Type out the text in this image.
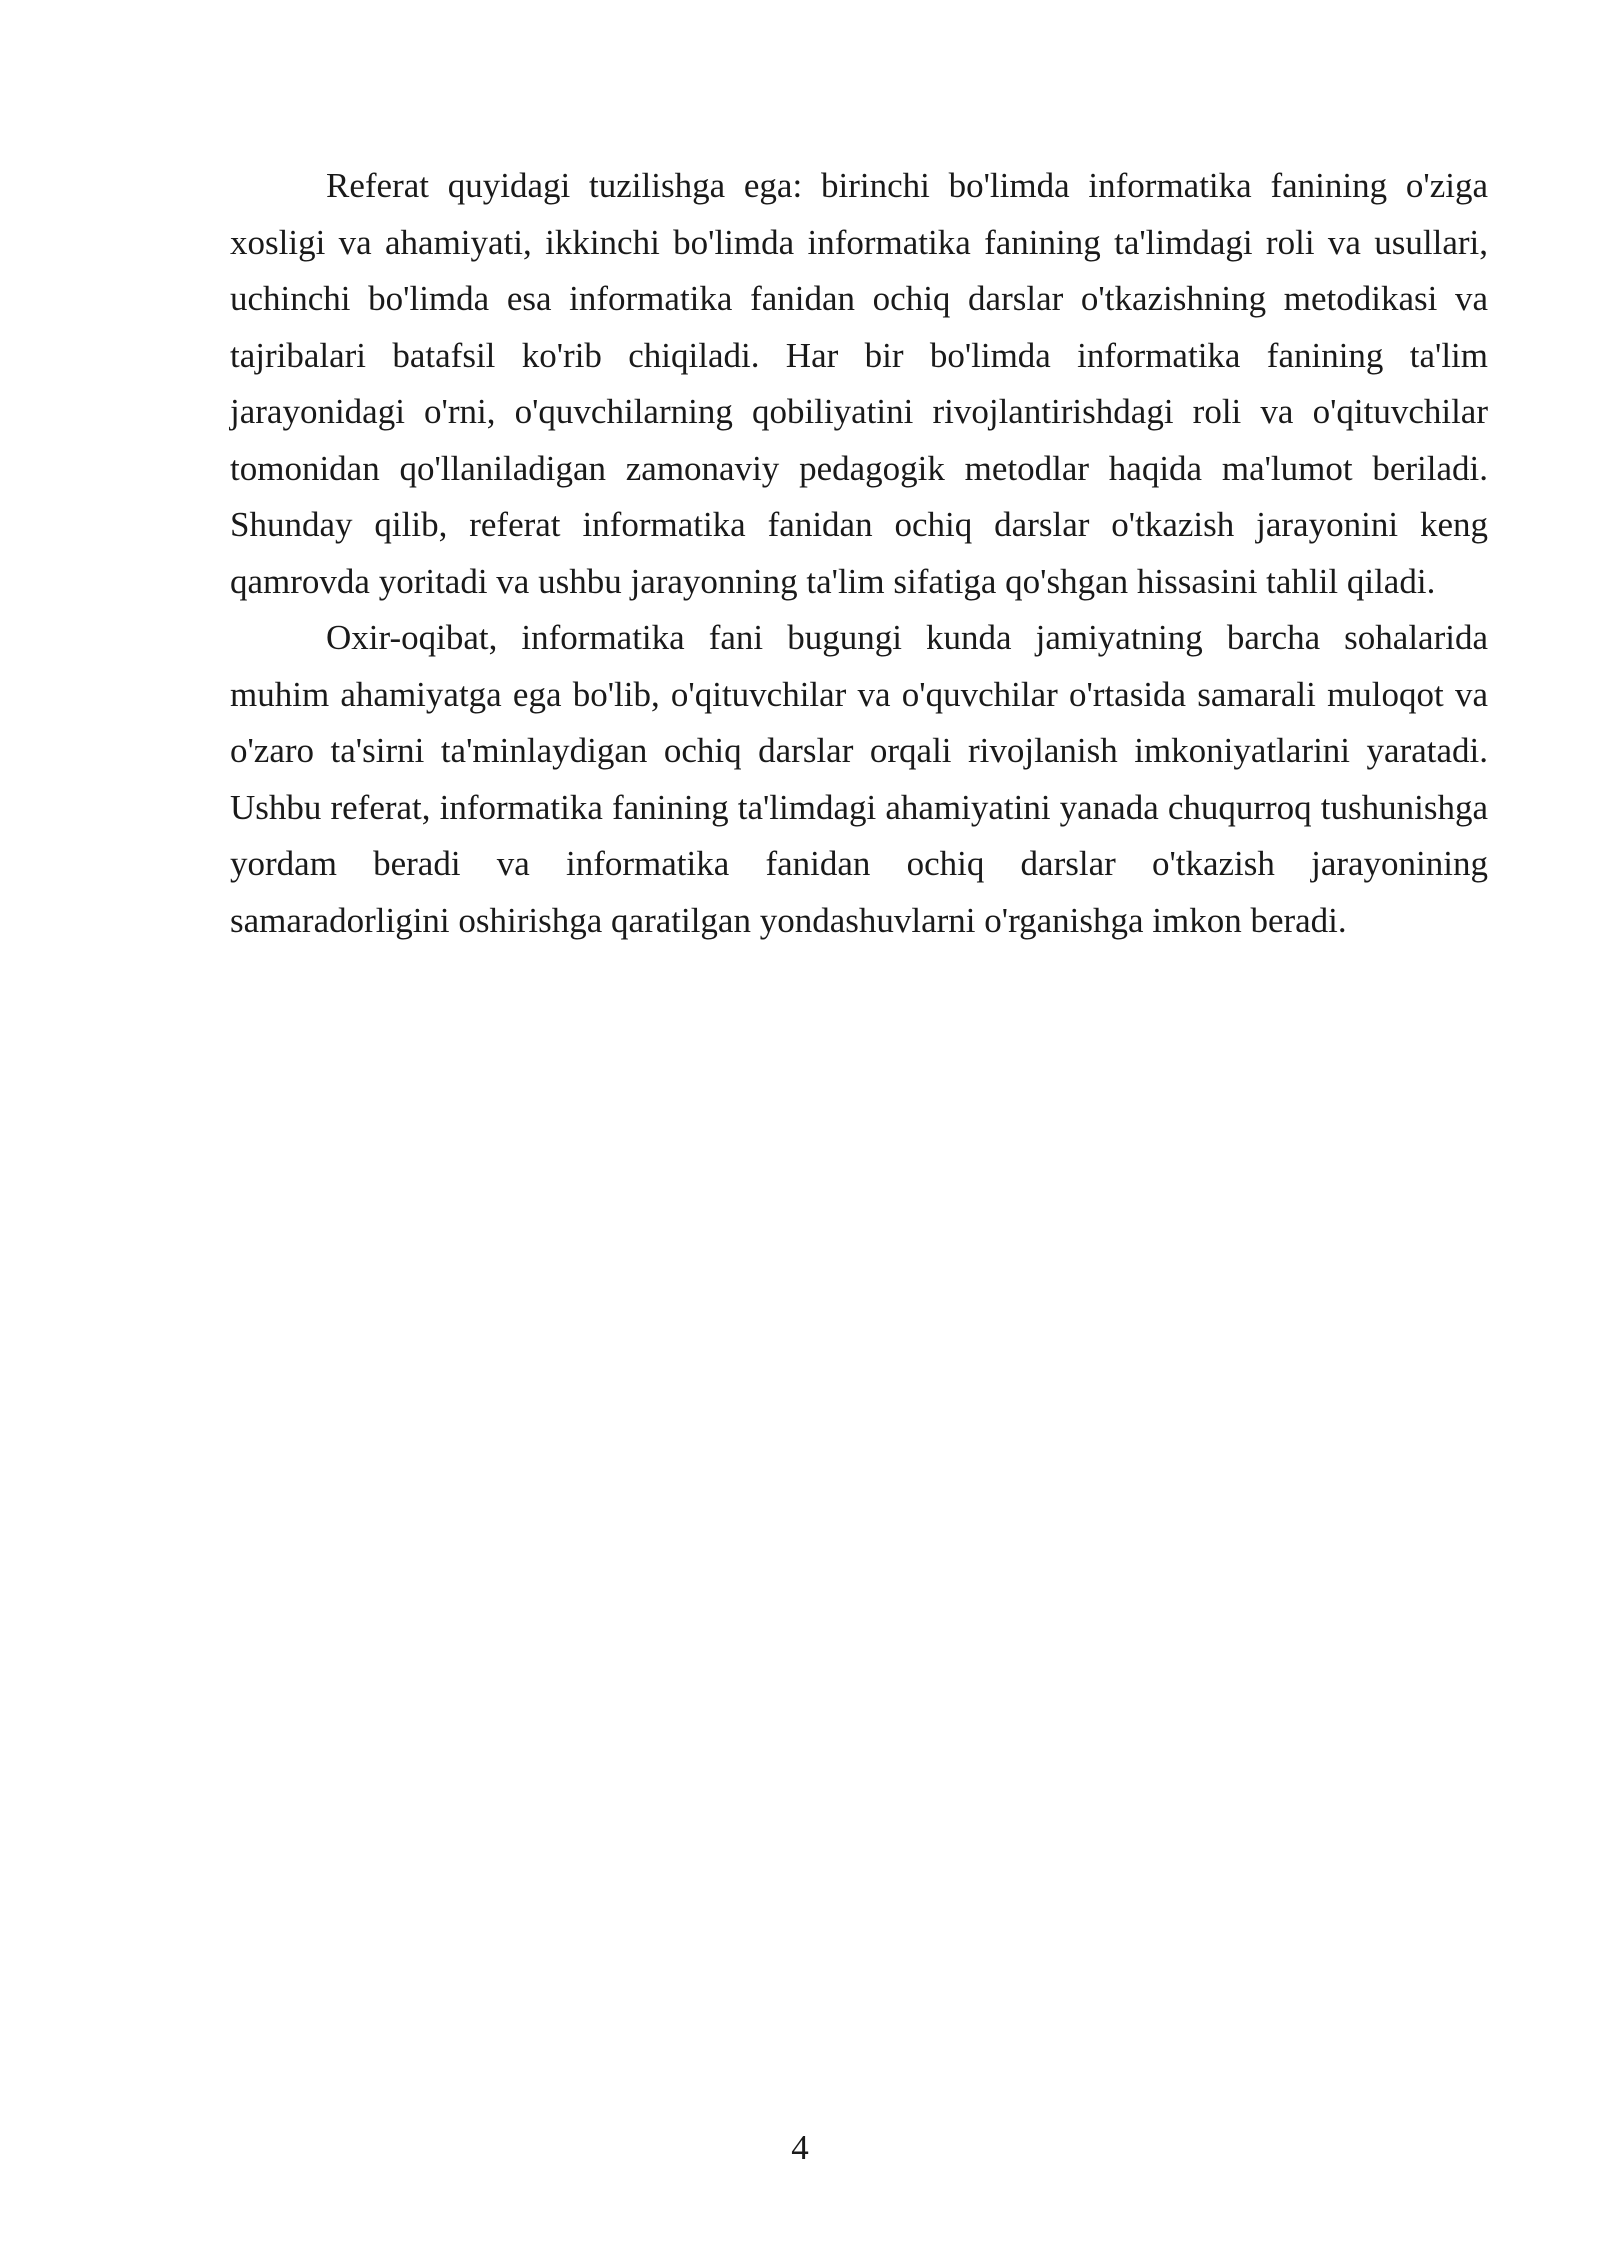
Referat quyidagi tuzilishga ega: birinchi bo'limda informatika fanining o'ziga xosligi va ahamiyati, ikkinchi bo'limda informatika fanining ta'limdagi roli va usullari, uchinchi bo'limda esa informatika fanidan ochiq darslar o'tkazishning metodikasi va tajribalari batafsil ko'rib chiqiladi. Har bir bo'limda informatika fanining ta'lim jarayonidagi o'rni, o'quvchilarning qobiliyatini rivojlantirishdagi roli va o'qituvchilar tomonidan qo'llaniladigan zamonaviy pedagogik metodlar haqida ma'lumot beriladi. Shunday qilib, referat informatika fanidan ochiq darslar o'tkazish jarayonini keng qamrovda yoritadi va ushbu jarayonning ta'lim sifatiga qo'shgan hissasini tahlil qiladi.

Oxir-oqibat, informatika fani bugungi kunda jamiyatning barcha sohalarida muhim ahamiyatga ega bo'lib, o'qituvchilar va o'quvchilar o'rtasida samarali muloqot va o'zaro ta'sirni ta'minlaydigan ochiq darslar orqali rivojlanish imkoniyatlarini yaratadi. Ushbu referat, informatika fanining ta'limdagi ahamiyatini yanada chuqurroq tushunishga yordam beradi va informatika fanidan ochiq darslar o'tkazish jarayonining samaradorligini oshirishga qaratilgan yondashuvlarni o'rganishga imkon beradi.

4
